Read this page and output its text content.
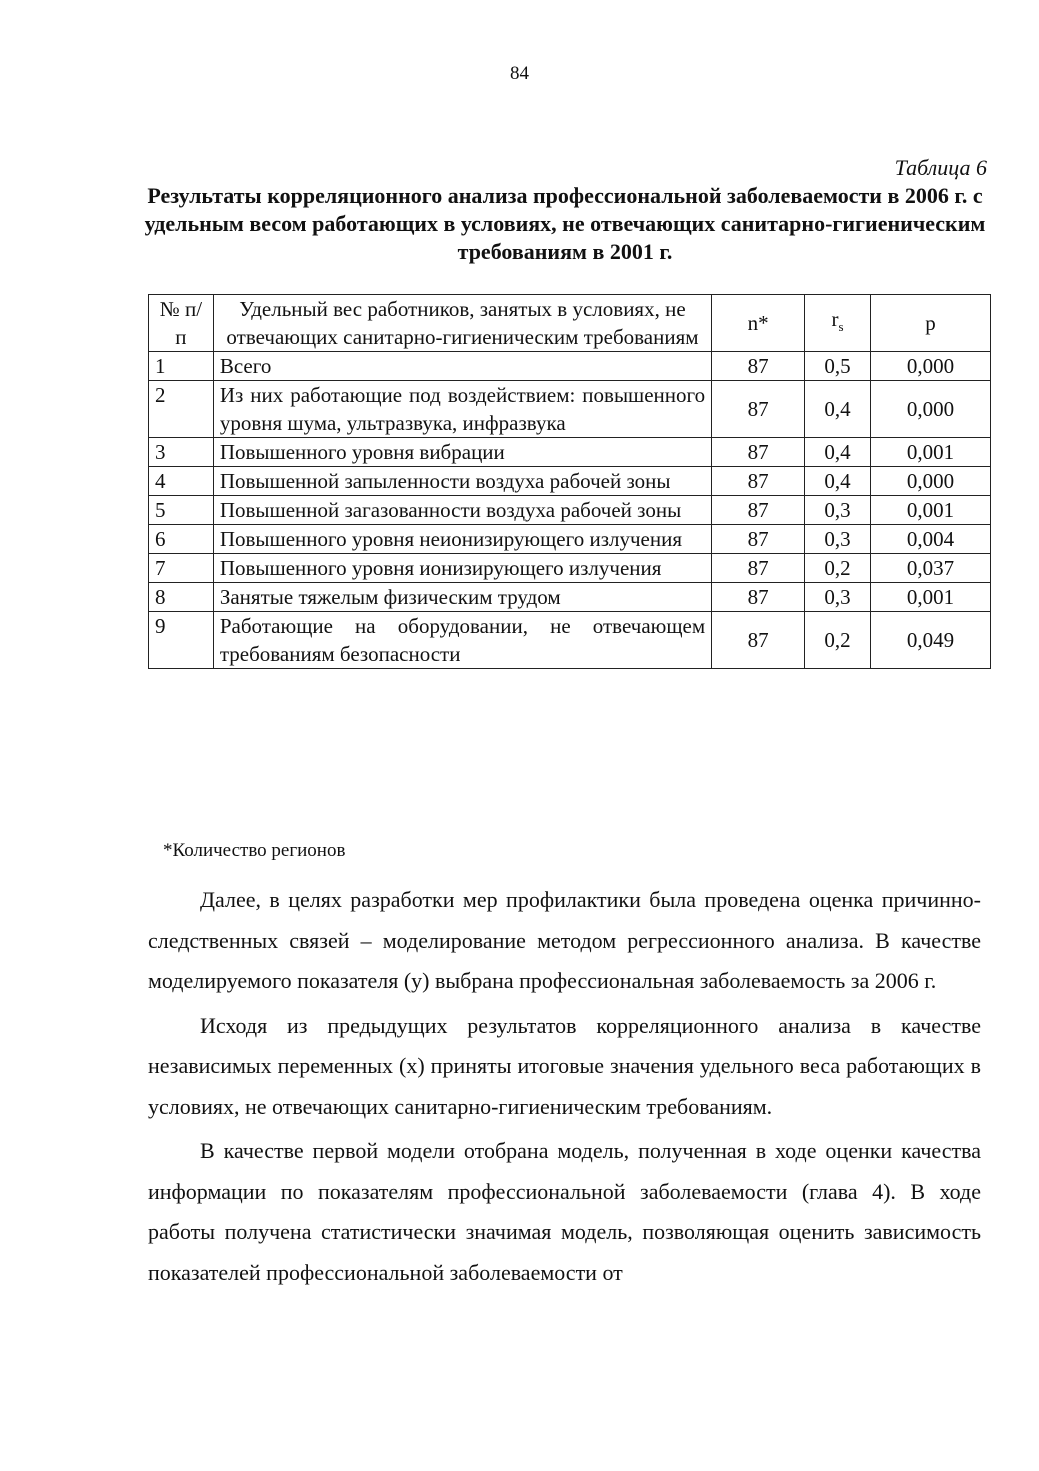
84
Таблица 6
Результаты корреляционного анализа профессиональной заболеваемости в 2006 г. с удельным весом работающих в условиях, не отвечающих санитарно-гигиеническим требованиям в 2001 г.
№ п/п	Удельный вес работников, занятых в условиях, не отвечающих санитарно-гигиеническим требованиям	n*	$r_s$	p
1	Всего	87	0,5	0,000
2	Из них работающие под воздействием: повышенного уровня шума, ультразвука, инфразвука	87	0,4	0,000
3	Повышенного уровня вибрации	87	0,4	0,001
4	Повышенной запыленности воздуха рабочей зоны	87	0,4	0,000
5	Повышенной загазованности воздуха рабочей зоны	87	0,3	0,001
6	Повышенного уровня неионизирующего излучения	87	0,3	0,004
7	Повышенного уровня ионизирующего излучения	87	0,2	0,037
8	Занятые тяжелым физическим трудом	87	0,3	0,001
9	Работающие на оборудовании, не отвечающем требованиям безопасности	87	0,2	0,049
*Количество регионов

Далее, в целях разработки мер профилактики была проведена оценка причинно-следственных связей – моделирование методом регрессионного анализа. В качестве моделируемого показателя (y) выбрана профессиональная заболеваемость за 2006 г.

Исходя из предыдущих результатов корреляционного анализа в качестве независимых переменных (x) приняты итоговые значения удельного веса работающих в условиях, не отвечающих санитарно-гигиеническим требованиям.

В качестве первой модели отобрана модель, полученная в ходе оценки качества информации по показателям профессиональной заболеваемости (глава 4). В ходе работы получена статистически значимая модель, позволяющая оценить зависимость показателей профессиональной заболеваемости от
